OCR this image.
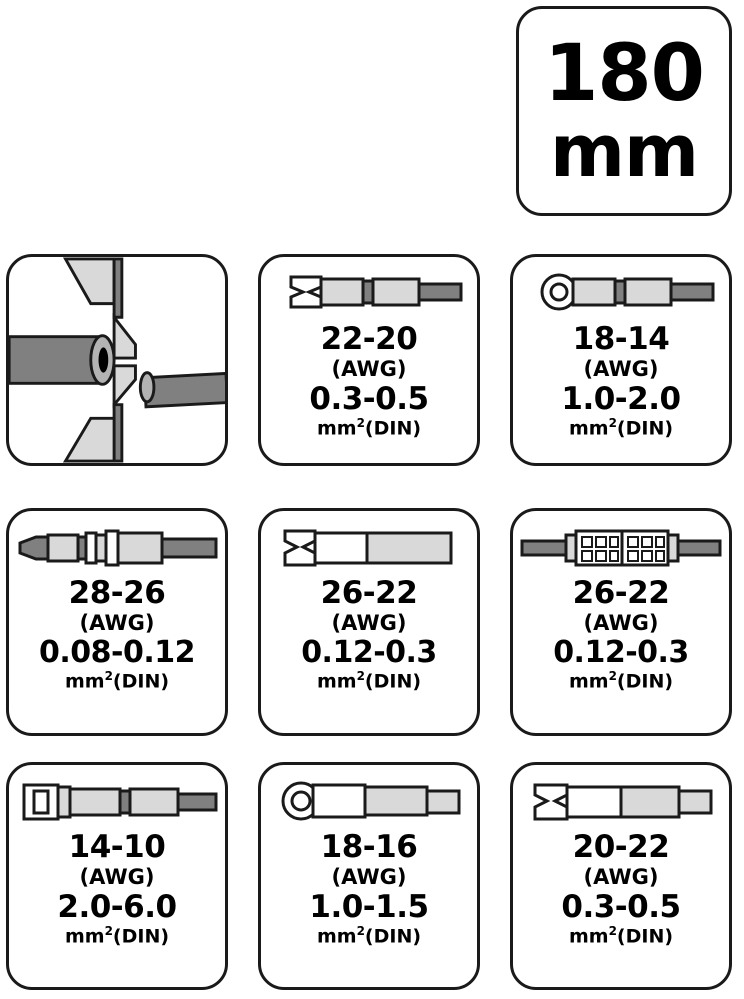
180
mm
22-20
(AWG)
0.3-0.5
$mm^2(DIN)$
18-14
(AWG)
1.0-2.0
$mm^2(DIN)$
28-26
(AWG)
0.08-0.12
$mm^2(DIN)$
26-22
(AWG)
0.12-0.3
$mm^2(DIN)$
26-22
(AWG)
0.12-0.3
$mm^2(DIN)$
14-10
(AWG)
2.0-6.0
$mm^2(DIN)$
18-16
(AWG)
1.0-1.5
$mm^2(DIN)$
20-22
(AWG)
0.3-0.5
$mm^2(DIN)$
